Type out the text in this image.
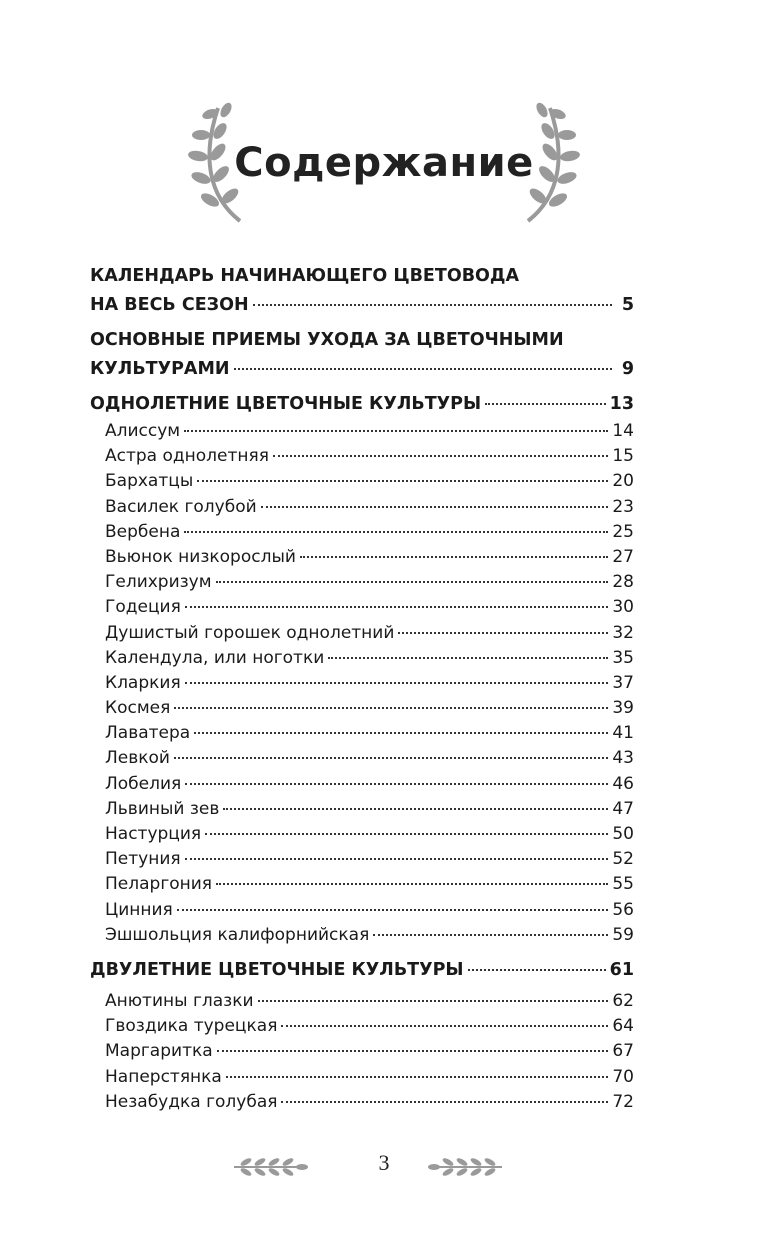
Содержание
КАЛЕНДАРЬ НАЧИНАЮЩЕГО ЦВЕТОВОДА
НА ВЕСЬ СЕЗОН	5
ОСНОВНЫЕ ПРИЕМЫ УХОДА ЗА ЦВЕТОЧНЫМИ
КУЛЬТУРАМИ	9
ОДНОЛЕТНИЕ ЦВЕТОЧНЫЕ КУЛЬТУРЫ	13
Алиссум	14
Астра однолетняя	15
Бархатцы	20
Василек голубой	23
Вербена	25
Вьюнок низкорослый	27
Гелихризум	28
Годеция	30
Душистый горошек однолетний	32
Календула, или ноготки	35
Кларкия	37
Космея	39
Лаватера	41
Левкой	43
Лобелия	46
Львиный зев	47
Настурция	50
Петуния	52
Пеларгония	55
Цинния	56
Эшшольция калифорнийская	59
ДВУЛЕТНИЕ ЦВЕТОЧНЫЕ КУЛЬТУРЫ	61
Анютины глазки	62
Гвоздика турецкая	64
Маргаритка	67
Наперстянка	70
Незабудка голубая	72
3
